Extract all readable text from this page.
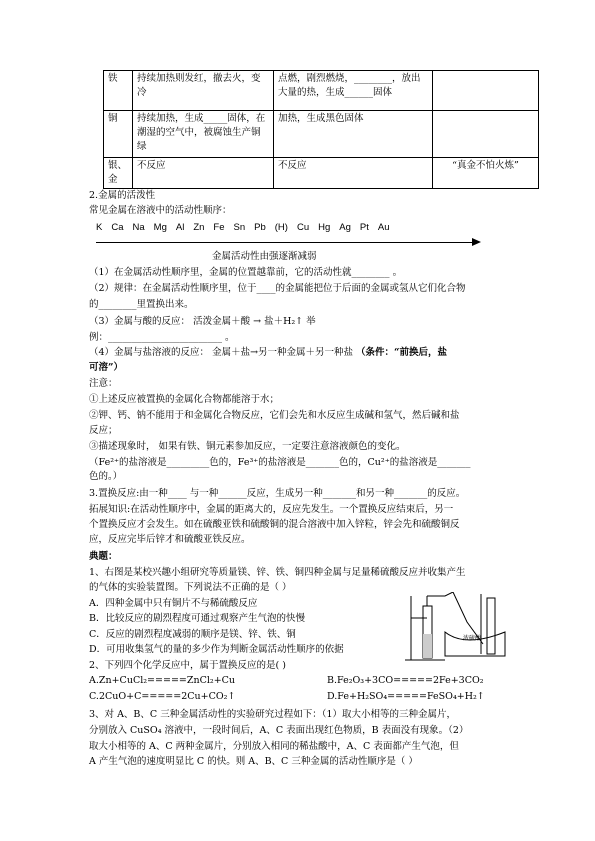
铁	持续加热则发红，撤去火，变冷	点燃，剧烈燃烧，________，放出大量的热，生成______固体	
铜	持续加热，生成_____固体，在潮湿的空气中，被腐蚀生产铜绿	加热，生成黑色固体	
银、金	不反应	不反应	“真金不怕火炼”
2.金属的活泼性
常见金属在溶液中的活动性顺序：
K Ca Na Mg Al Zn Fe Sn Pb (H) Cu Hg Ag Pt Au
金属活动性由强逐渐减弱
（1）在金属活动性顺序里，金属的位置越靠前，它的活动性就________ 。
（2）规律：在金属活动性顺序里，位于____的金属能把位于后面的金属或氢从它们化合物
的________里置换出来。
（3）金属与酸的反应： 活泼金属＋酸 → 盐＋H₂↑ 举
例：________________________ 。
（4）金属与盐溶液的反应： 金属＋盐→另一种金属＋另一种盐 （条件：“前换后，盐
可溶”）
注意：
①上述反应被置换的金属化合物都能溶于水；
②钾、钙、钠不能用于和金属化合物反应，它们会先和水反应生成碱和氢气，然后碱和盐
反应；
③描述现象时， 如果有铁、铜元素参加反应，一定要注意溶液颜色的变化。
（Fe²⁺的盐溶液是_________色的，Fe³⁺的盐溶液是_______色的，Cu²⁺的盐溶液是_______
色的。）
3.置换反应:由一种____ 与一种______反应，生成另一种_______和另一种_______的反应。
拓展知识:在活动性顺序中，金属的距离大的，反应先发生。一个置换反应结束后，另一
个置换反应才会发生。如在硫酸亚铁和硫酸铜的混合溶液中加入锌粒，锌会先和硫酸铜反
应，反应完毕后锌才和硫酸亚铁反应。
典题：
1、右图是某校兴趣小组研究等质量镁、锌、铁、铜四种金属与足量稀硫酸反应并收集产生
的气体的实验装置图。下列说法不正确的是（ ）
A．四种金属中只有铜片不与稀硫酸反应
B．比较反应的剧烈程度可通过观察产生气泡的快慢
C．反应的剧烈程度减弱的顺序是镁、锌、铁、铜
D．可用收集氢气的量的多少作为判断金属活动性顺序的依据
浓硫酸
2、下列四个化学反应中，属于置换反应的是( )
A.Zn+CuCl₂=====ZnCl₂+Cu	B.Fe₂O₃+3CO=====2Fe+3CO₂
C.2CuO+C=====2Cu+CO₂↑	D.Fe+H₂SO₄=====FeSO₄+H₂↑
3、对 A、B、C 三种金属活动性的实验研究过程如下：（1）取大小相等的三种金属片，
分别放入 CuSO₄ 溶液中，一段时间后，A、C 表面出现红色物质，B 表面没有现象。（2）
取大小相等的 A、C 两种金属片，分别放入相同的稀盐酸中，A、C 表面都产生气泡，但
A 产生气泡的速度明显比 C 的快。则 A、B、C 三种金属的活动性顺序是（ ）
